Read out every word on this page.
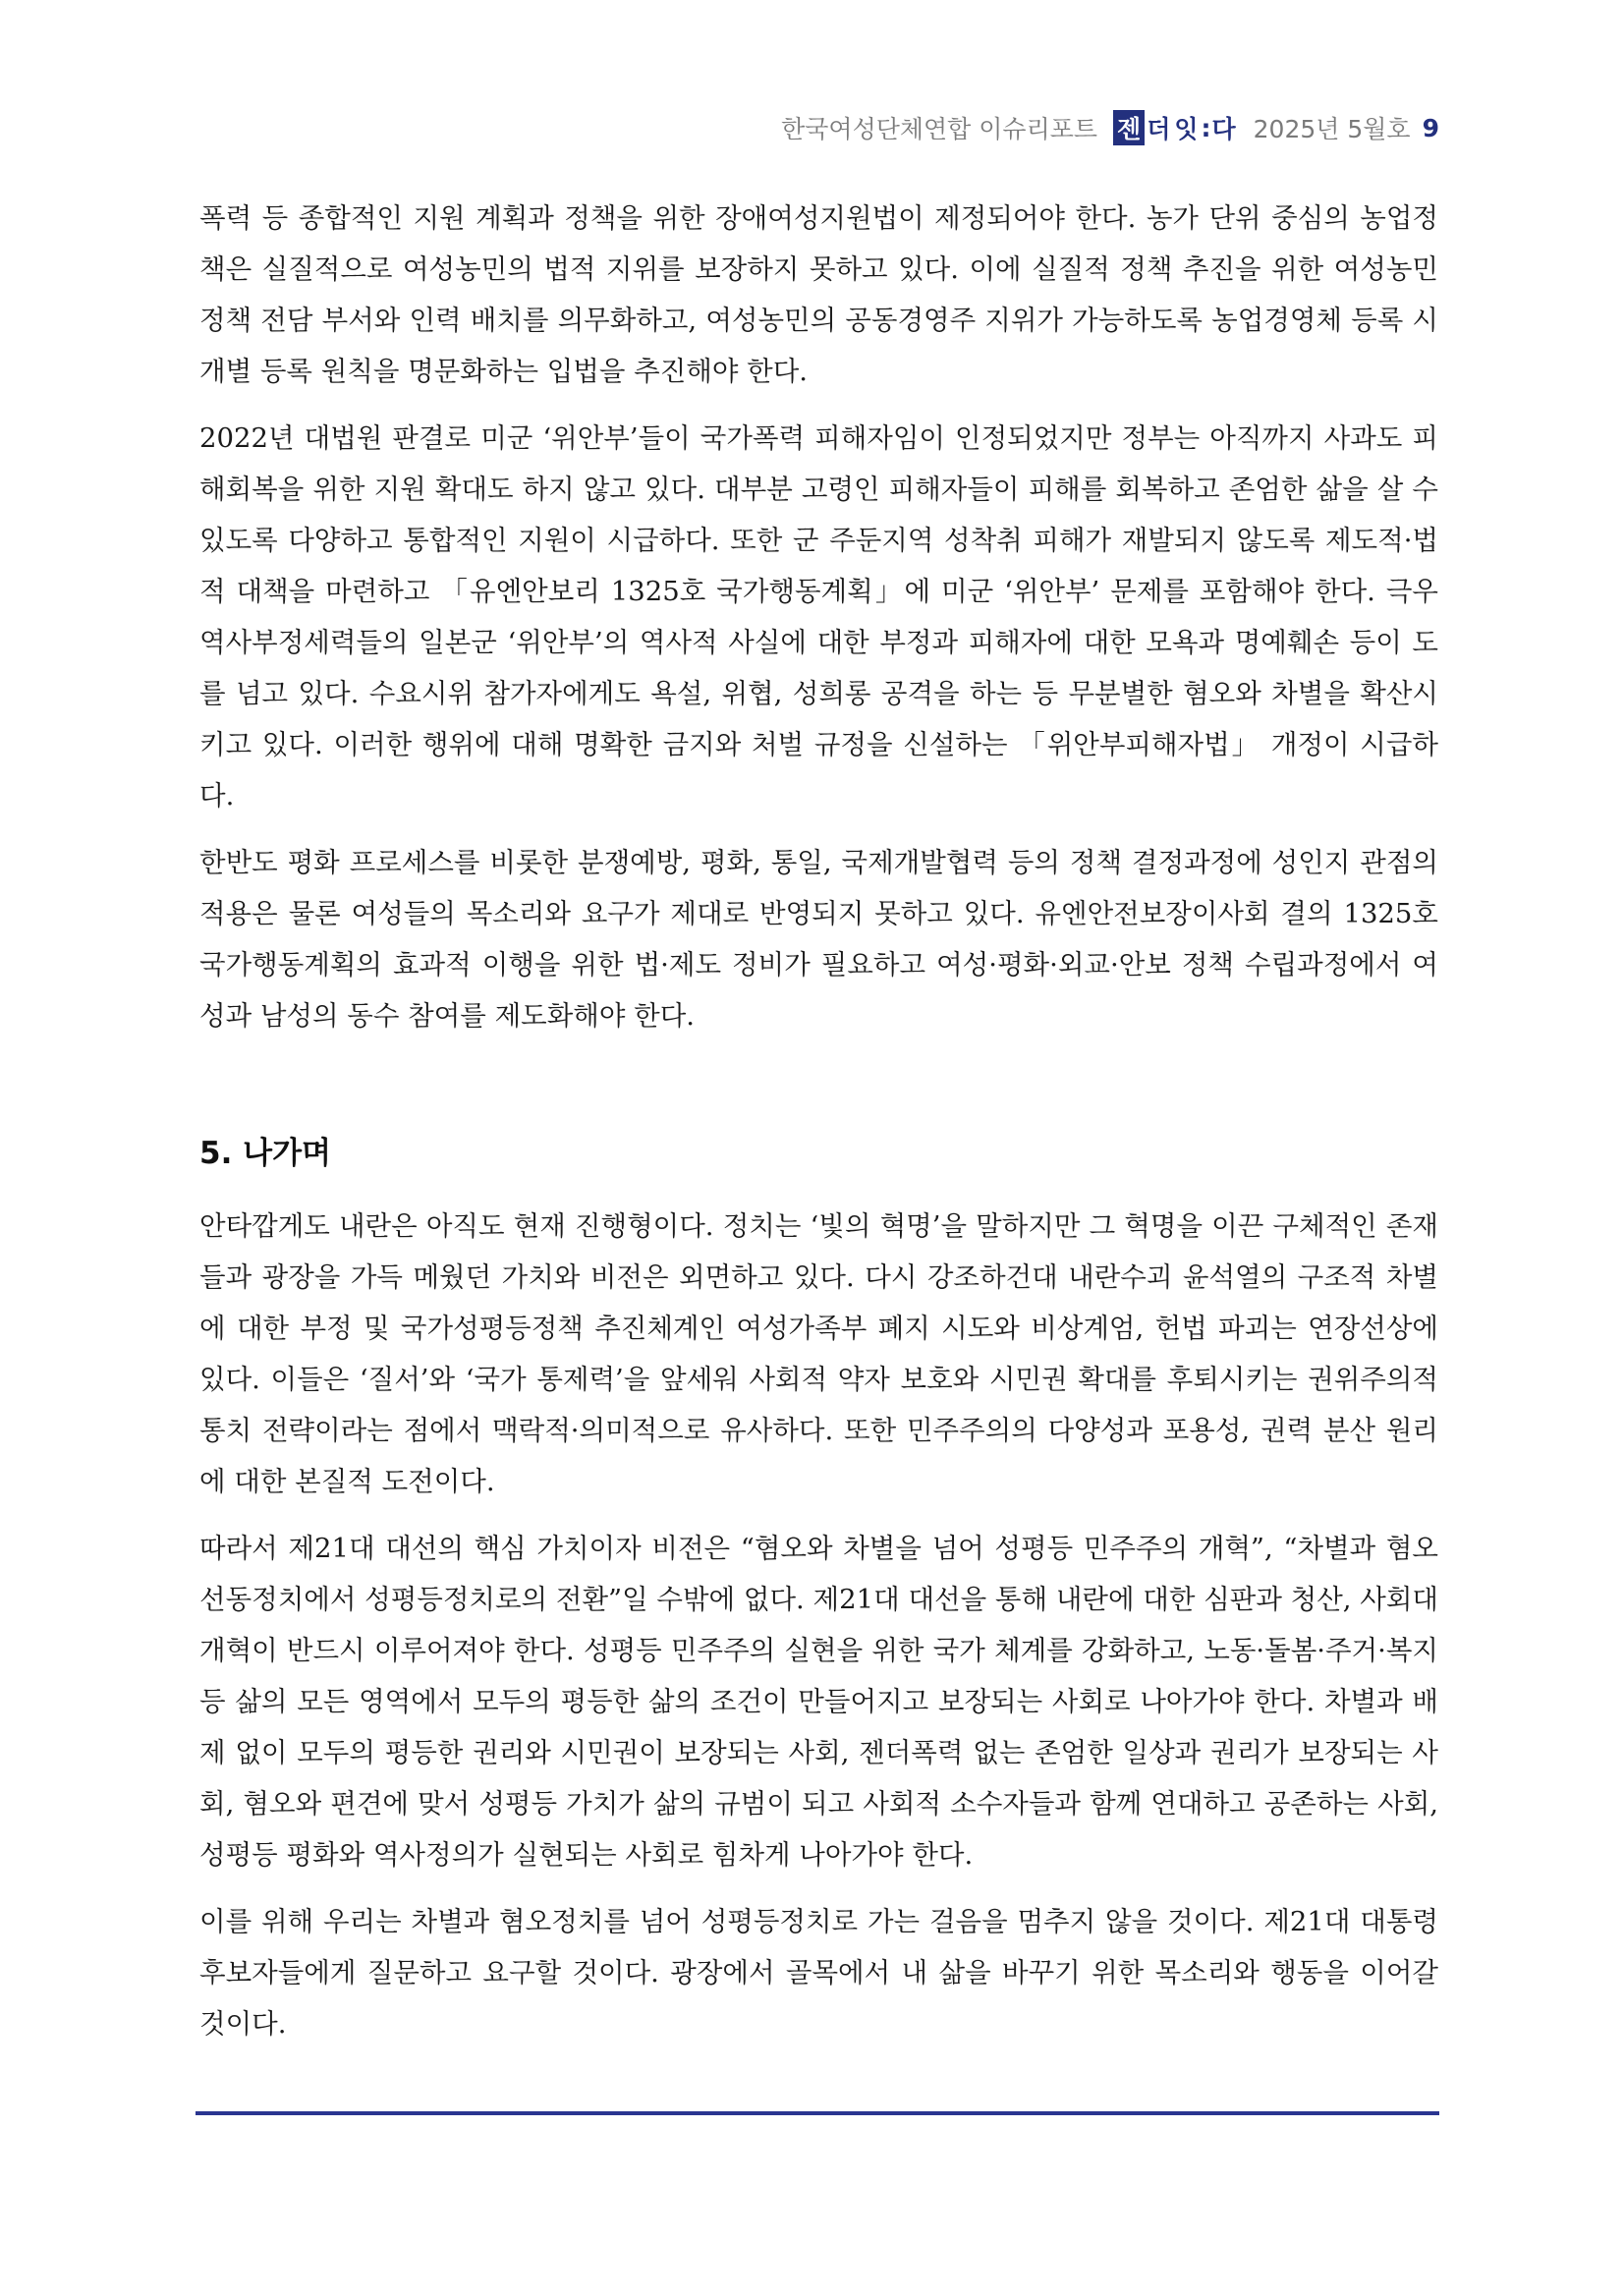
한국여성단체연합 이슈리포트 젠 더 잇 : 다 2025년 5월호 9

폭력 등 종합적인 지원 계획과 정책을 위한 장애여성지원법이 제정되어야 한다. 농가 단위 중심의 농업정책은 실질적으로 여성농민의 법적 지위를 보장하지 못하고 있다. 이에 실질적 정책 추진을 위한 여성농민 정책 전담 부서와 인력 배치를 의무화하고, 여성농민의 공동경영주 지위가 가능하도록 농업경영체 등록 시 개별 등록 원칙을 명문화하는 입법을 추진해야 한다.

2022년 대법원 판결로 미군 ‘위안부’들이 국가폭력 피해자임이 인정되었지만 정부는 아직까지 사과도 피해회복을 위한 지원 확대도 하지 않고 있다. 대부분 고령인 피해자들이 피해를 회복하고 존엄한 삶을 살 수 있도록 다양하고 통합적인 지원이 시급하다. 또한 군 주둔지역 성착취 피해가 재발되지 않도록 제도적·법적 대책을 마련하고 「유엔안보리 1325호 국가행동계획」에 미군 ‘위안부’ 문제를 포함해야 한다. 극우 역사부정세력들의 일본군 ‘위안부’의 역사적 사실에 대한 부정과 피해자에 대한 모욕과 명예훼손 등이 도를 넘고 있다. 수요시위 참가자에게도 욕설, 위협, 성희롱 공격을 하는 등 무분별한 혐오와 차별을 확산시키고 있다. 이러한 행위에 대해 명확한 금지와 처벌 규정을 신설하는 「위안부피해자법」 개정이 시급하다.

한반도 평화 프로세스를 비롯한 분쟁예방, 평화, 통일, 국제개발협력 등의 정책 결정과정에 성인지 관점의 적용은 물론 여성들의 목소리와 요구가 제대로 반영되지 못하고 있다. 유엔안전보장이사회 결의 1325호 국가행동계획의 효과적 이행을 위한 법·제도 정비가 필요하고 여성·평화·외교·안보 정책 수립과정에서 여성과 남성의 동수 참여를 제도화해야 한다.

5. 나가며

안타깝게도 내란은 아직도 현재 진행형이다. 정치는 ‘빛의 혁명’을 말하지만 그 혁명을 이끈 구체적인 존재들과 광장을 가득 메웠던 가치와 비전은 외면하고 있다. 다시 강조하건대 내란수괴 윤석열의 구조적 차별에 대한 부정 및 국가성평등정책 추진체계인 여성가족부 폐지 시도와 비상계엄, 헌법 파괴는 연장선상에 있다. 이들은 ‘질서’와 ‘국가 통제력’을 앞세워 사회적 약자 보호와 시민권 확대를 후퇴시키는 권위주의적 통치 전략이라는 점에서 맥락적·의미적으로 유사하다. 또한 민주주의의 다양성과 포용성, 권력 분산 원리에 대한 본질적 도전이다.

따라서 제21대 대선의 핵심 가치이자 비전은 “혐오와 차별을 넘어 성평등 민주주의 개혁”, “차별과 혐오선동정치에서 성평등정치로의 전환”일 수밖에 없다. 제21대 대선을 통해 내란에 대한 심판과 청산, 사회대개혁이 반드시 이루어져야 한다. 성평등 민주주의 실현을 위한 국가 체계를 강화하고, 노동·돌봄·주거·복지 등 삶의 모든 영역에서 모두의 평등한 삶의 조건이 만들어지고 보장되는 사회로 나아가야 한다. 차별과 배제 없이 모두의 평등한 권리와 시민권이 보장되는 사회, 젠더폭력 없는 존엄한 일상과 권리가 보장되는 사회, 혐오와 편견에 맞서 성평등 가치가 삶의 규범이 되고 사회적 소수자들과 함께 연대하고 공존하는 사회, 성평등 평화와 역사정의가 실현되는 사회로 힘차게 나아가야 한다.

이를 위해 우리는 차별과 혐오정치를 넘어 성평등정치로 가는 걸음을 멈추지 않을 것이다. 제21대 대통령 후보자들에게 질문하고 요구할 것이다. 광장에서 골목에서 내 삶을 바꾸기 위한 목소리와 행동을 이어갈 것이다.
